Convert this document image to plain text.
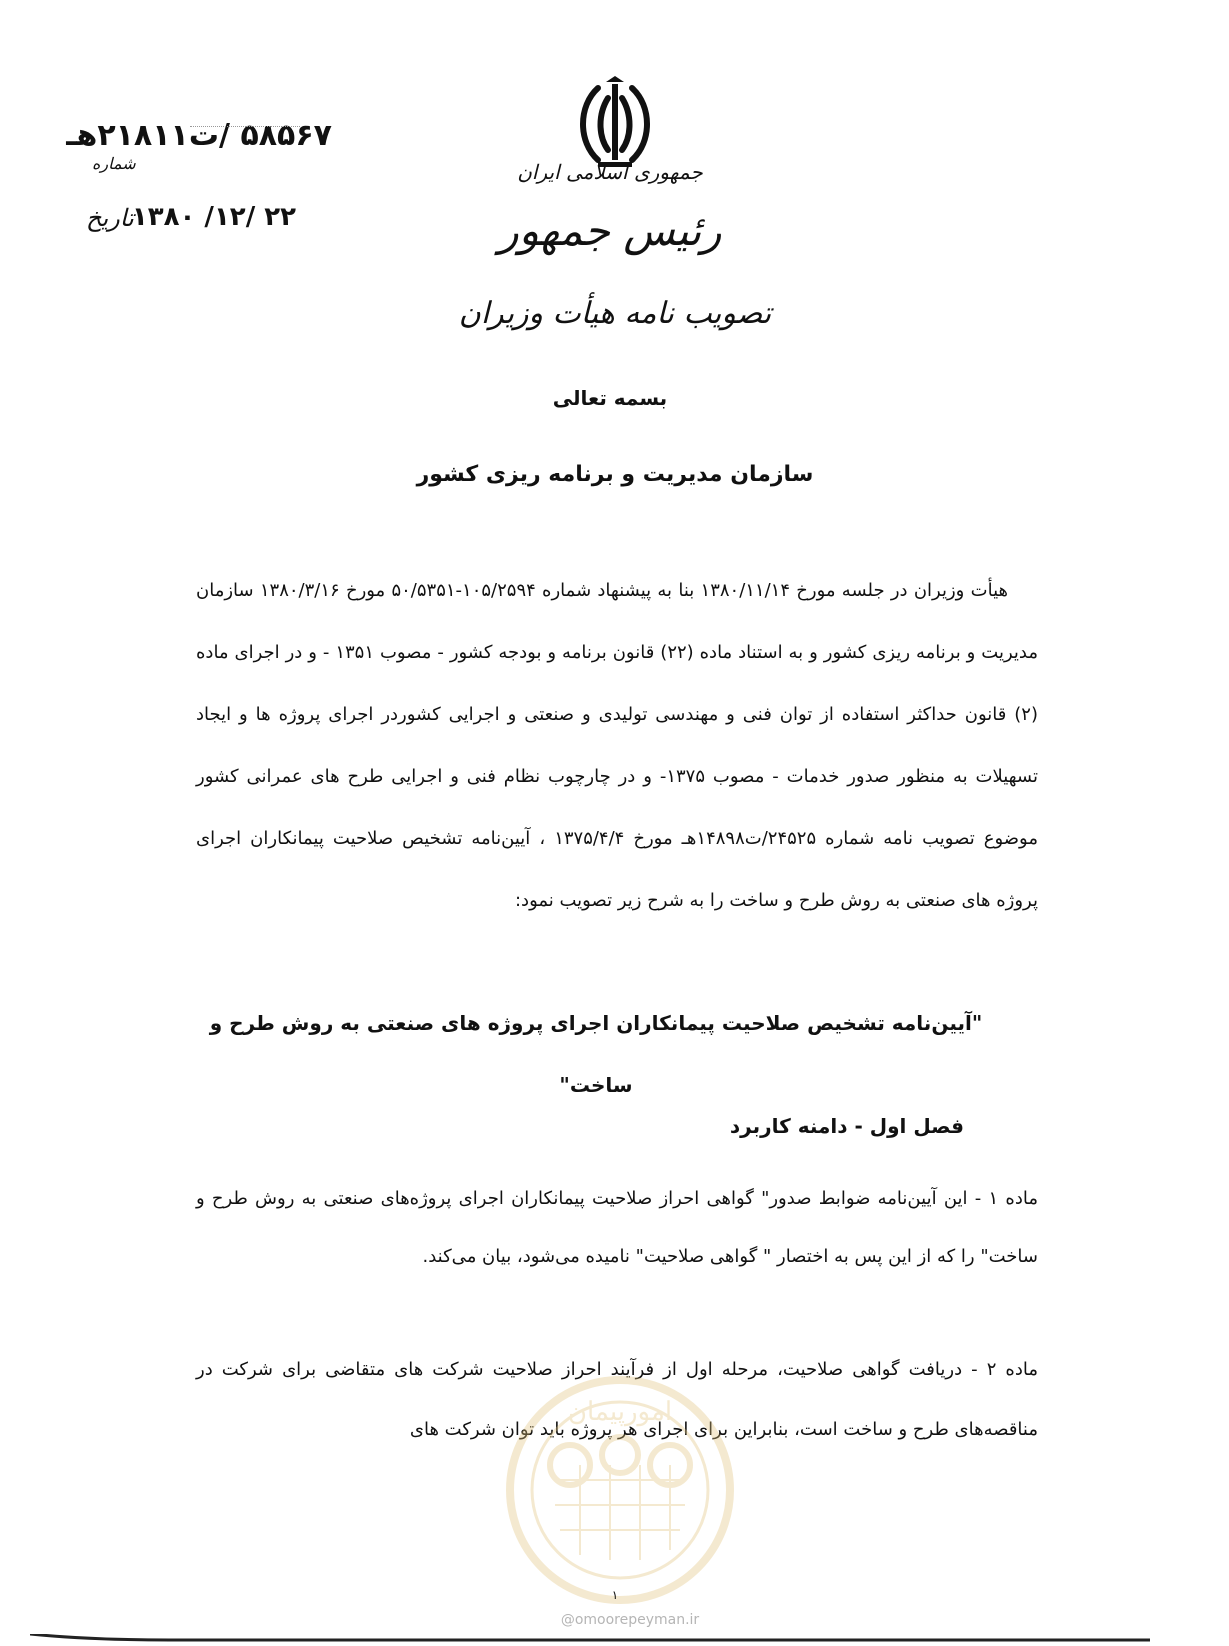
۵۸۵۶۷ /ت۲۱۸۱۱هـ
شماره
۲۲ /۱۲/ ۱۳۸۰
تاریخ
جمهوری اسلامی ایران
رئیس جمهور
تصویب نامه هیأت وزیران
بسمه تعالی
سازمان مدیریت و برنامه ریزی کشور
هیأت وزیران در جلسه مورخ ۱۳۸۰/۱۱/۱۴ بنا به پیشنهاد شماره ۱۰۵/۲۵۹۴-۵۰/۵۳۵۱ مورخ ۱۳۸۰/۳/۱۶ سازمان مدیریت و برنامه ریزی کشور و به استناد ماده (۲۲) قانون برنامه و بودجه کشور - مصوب ۱۳۵۱ - و در اجرای ماده (۲) قانون حداکثر استفاده از توان فنی و مهندسی تولیدی و صنعتی و اجرایی کشوردر اجرای پروژه ها و ایجاد تسهیلات به منظور صدور خدمات - مصوب ۱۳۷۵- و در چارچوب نظام فنی و اجرایی طرح های عمرانی کشور موضوع تصویب نامه شماره ۲۴۵۲۵/ت۱۴۸۹۸هـ مورخ ۱۳۷۵/۴/۴ ، آیین‌نامه تشخیص صلاحیت پیمانکاران اجرای پروژه های صنعتی به روش طرح و ساخت را به شرح زیر تصویب نمود:
"آیین‌نامه تشخیص صلاحیت پیمانکاران اجرای پروژه های صنعتی به روش طرح و ساخت"
فصل اول - دامنه کاربرد
ماده ۱ - این آیین‌نامه ضوابط صدور" گواهی احراز صلاحیت پیمانکاران اجرای پروژه‌های صنعتی به روش طرح و ساخت" را که از این پس به اختصار " گواهی صلاحیت" نامیده می‌شود، بیان می‌کند.
ماده ۲ - دریافت گواهی صلاحیت، مرحله اول از فرآیند احراز صلاحیت شرکت های متقاضی برای شرکت در مناقصه‌های طرح و ساخت است، بنابراین برای اجرای هر پروژه باید توان شرکت های
امورپیمان
۱
@omoorepeyman.ir
